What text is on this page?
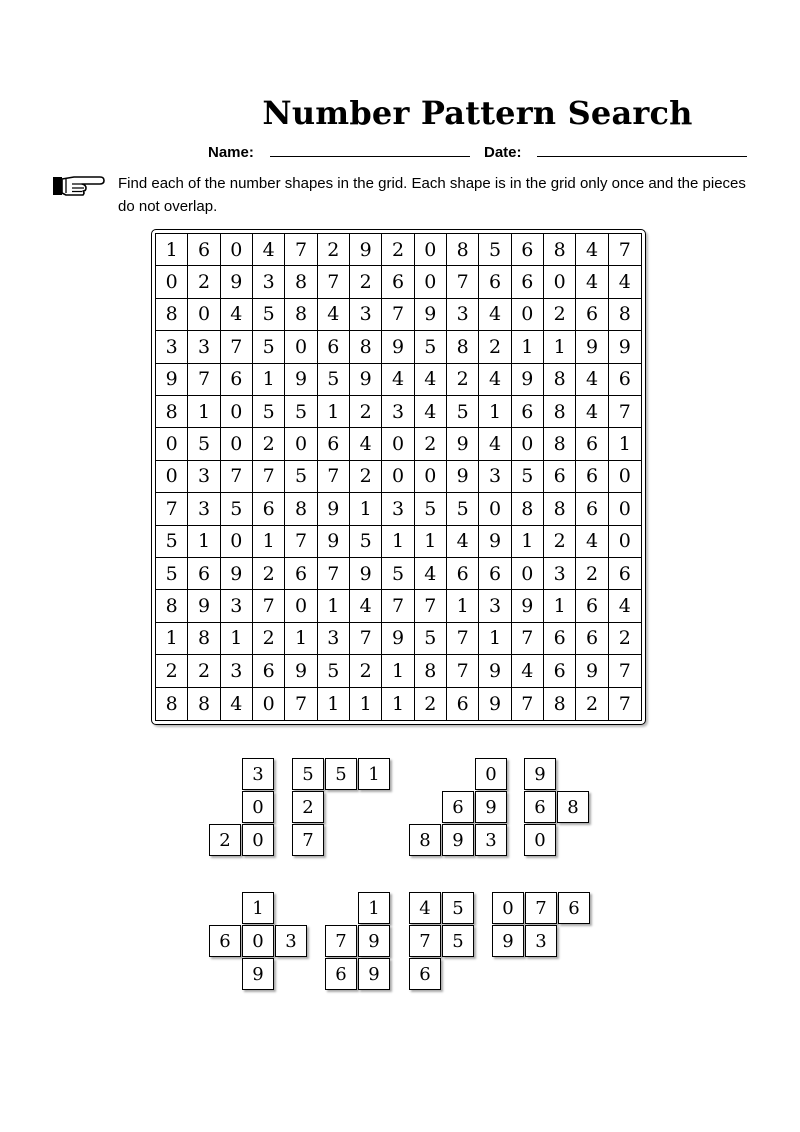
Number Pattern Search
Name:	Date:
Find each of the number shapes in the grid. Each shape is in the grid only once and the pieces do not overlap.
1	6	0	4	7	2	9	2	0	8	5	6	8	4	7
0	2	9	3	8	7	2	6	0	7	6	6	0	4	4
8	0	4	5	8	4	3	7	9	3	4	0	2	6	8
3	3	7	5	0	6	8	9	5	8	2	1	1	9	9
9	7	6	1	9	5	9	4	4	2	4	9	8	4	6
8	1	0	5	5	1	2	3	4	5	1	6	8	4	7
0	5	0	2	0	6	4	0	2	9	4	0	8	6	1
0	3	7	7	5	7	2	0	0	9	3	5	6	6	0
7	3	5	6	8	9	1	3	5	5	0	8	8	6	0
5	1	0	1	7	9	5	1	1	4	9	1	2	4	0
5	6	9	2	6	7	9	5	4	6	6	0	3	2	6
8	9	3	7	0	1	4	7	7	1	3	9	1	6	4
1	8	1	2	1	3	7	9	5	7	1	7	6	6	2
2	2	3	6	9	5	2	1	8	7	9	4	6	9	7
8	8	4	0	7	1	1	1	2	6	9	7	8	2	7
3
0
2	0
5	5	1
2
7
0
6	9
8	9	3
9
6	8
0
1
6	0	3
9
1
7	9
6	9
4	5
7	5
6
0	7	6
9	3
